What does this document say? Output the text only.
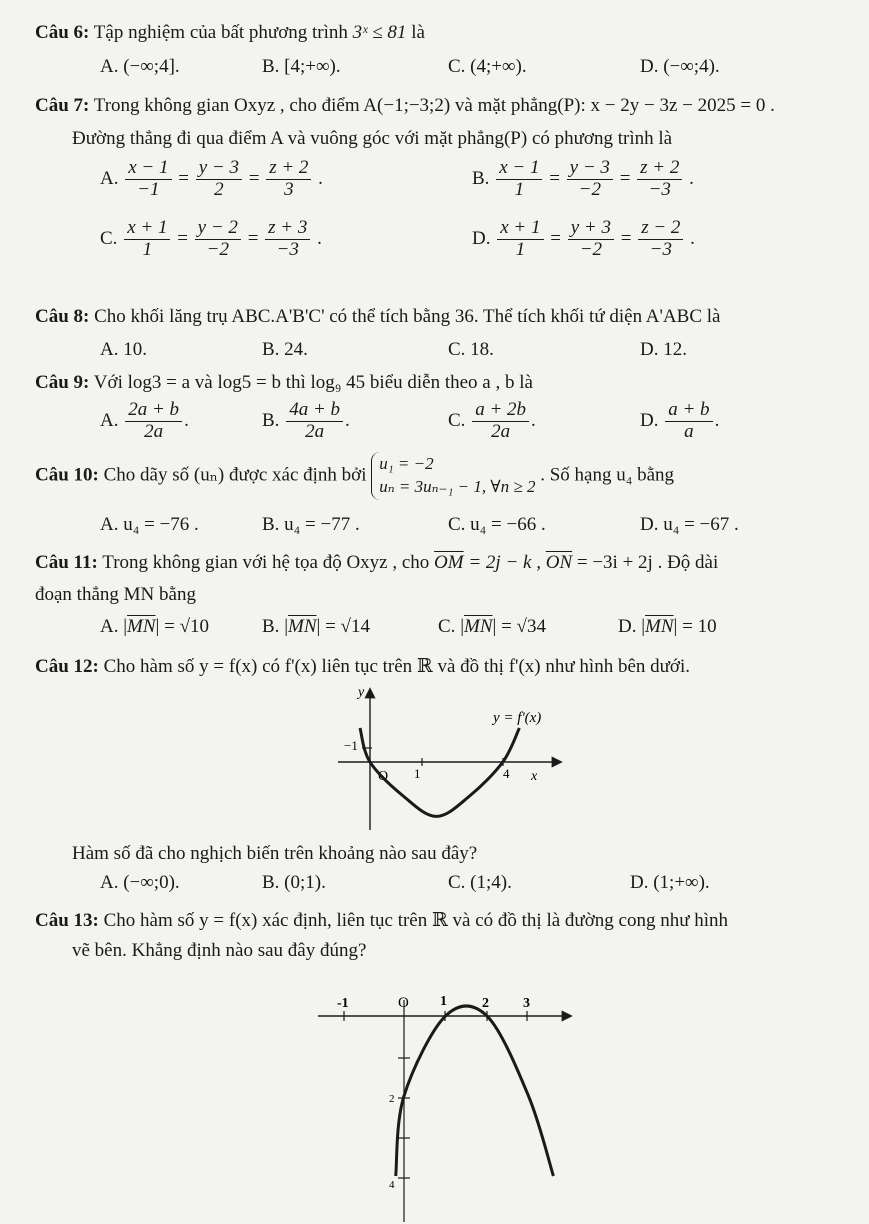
Câu 6: Tập nghiệm của bất phương trình 3ˣ ≤ 81 là
A. (−∞;4].	B. [4;+∞).	C. (4;+∞).	D. (−∞;4).
Câu 7: Trong không gian Oxyz , cho điểm A(−1;−3;2) và mặt phẳng(P): x − 2y − 3z − 2025 = 0 .
Đường thẳng đi qua điểm A và vuông góc với mặt phẳng(P) có phương trình là
A. $\frac{x - 1}{-1} = \frac{y - 3}{2} = \frac{z + 2}{3}$ .	B. $\frac{x - 1}{1} = \frac{y - 3}{-2} = \frac{z + 2}{-3}$ .
C. $\frac{x + 1}{1} = \frac{y - 2}{-2} = \frac{z + 3}{-3}$ .	D. $\frac{x + 1}{1} = \frac{y + 3}{-2} = \frac{z - 2}{-3}$ .
Câu 8: Cho khối lăng trụ ABC.A'B'C' có thể tích bằng 36. Thể tích khối tứ diện A'ABC là
A. 10.	B. 24.	C. 18.	D. 12.
Câu 9: Với log3 = a và log5 = b thì log₉ 45 biểu diễn theo a , b là
A. $\frac{2a + b}{2a}$ .	B. $\frac{4a + b}{2a}$ .	C. $\frac{a + 2b}{2a}$ .	D. $\frac{a + b}{a}$ .
Câu 10: Cho dãy số (uₙ) được xác định bởi
u₁ = −2
uₙ = 3uₙ₋₁ − 1, ∀n ≥ 2
. Số hạng u₄ bằng
A. u₄ = −76 .	B. u₄ = −77 .	C. u₄ = −66 .	D. u₄ = −67 .
Câu 11: Trong không gian với hệ tọa độ Oxyz , cho $\overline{OM} = 2j - k$ , $\overline{ON} = -3i + 2j$ . Độ dài
đoạn thẳng MN bằng
A. $|\overline{MN}| = √10$	B. $|\overline{MN}| = √14$	C. $|\overline{MN}| = √34$	D. $|\overline{MN}| = 10$
Câu 12: Cho hàm số y = f(x) có f'(x) liên tục trên ℝ và đồ thị f'(x) như hình bên dưới.
y
x
y = f'(x)
O 1	4
−1
Hàm số đã cho nghịch biến trên khoảng nào sau đây?
A. (−∞;0).	B. (0;1).	C. (1;4).	D. (1;+∞).
Câu 13: Cho hàm số y = f(x) xác định, liên tục trên ℝ và có đồ thị là đường cong như hình
vẽ bên. Khẳng định nào sau đây đúng?
-1	O 1	2 3
2
4
